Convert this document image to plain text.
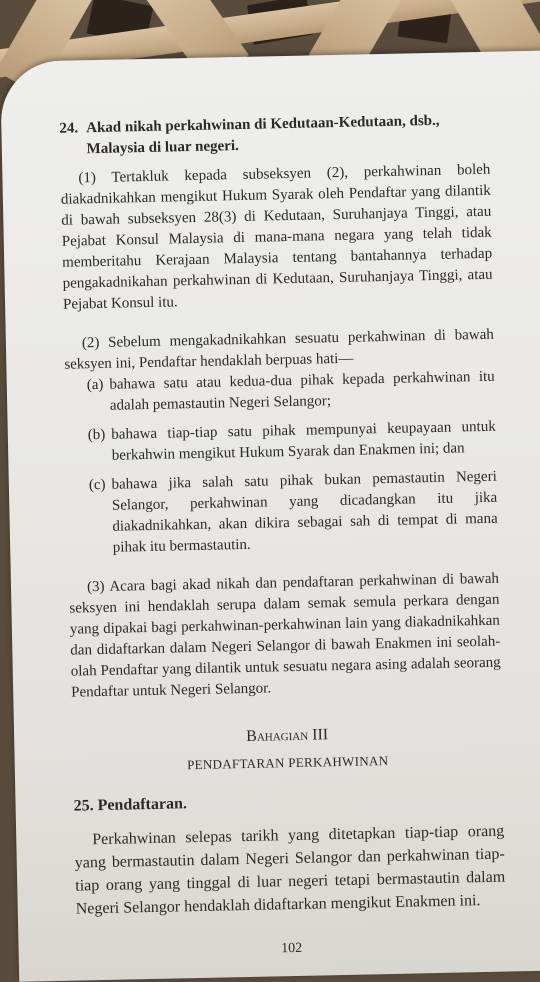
24. Akad nikah perkahwinan di Kedutaan-Kedutaan, dsb., Malaysia di luar negeri.

(1) Tertakluk kepada subseksyen (2), perkahwinan boleh diakadnikahkan mengikut Hukum Syarak oleh Pendaftar yang dilantik di bawah subseksyen 28(3) di Kedutaan, Suruhanjaya Tinggi, atau Pejabat Konsul Malaysia di mana-mana negara yang telah tidak memberitahu Kerajaan Malaysia tentang bantahannya terhadap pengakadnikahan perkahwinan di Kedutaan, Suruhanjaya Tinggi, atau Pejabat Konsul itu.

(2) Sebelum mengakadnikahkan sesuatu perkahwinan di bawah seksyen ini, Pendaftar hendaklah berpuas hati—

(a) bahawa satu atau kedua-dua pihak kepada perkahwinan itu adalah pemastautin Negeri Selangor;
(b) bahawa tiap-tiap satu pihak mempunyai keupayaan untuk berkahwin mengikut Hukum Syarak dan Enakmen ini; dan
(c) bahawa jika salah satu pihak bukan pemastautin Negeri Selangor, perkahwinan yang dicadangkan itu jika diakadnikahkan, akan dikira sebagai sah di tempat di mana pihak itu bermastautin.

(3) Acara bagi akad nikah dan pendaftaran perkahwinan di bawah seksyen ini hendaklah serupa dalam semak semula perkara dengan yang dipakai bagi perkahwinan-perkahwinan lain yang diakadnikahkan dan didaftarkan dalam Negeri Selangor di bawah Enakmen ini seolah-olah Pendaftar yang dilantik untuk sesuatu negara asing adalah seorang Pendaftar untuk Negeri Selangor.

Bahagian III
PENDAFTARAN PERKAHWINAN
25. Pendaftaran.

Perkahwinan selepas tarikh yang ditetapkan tiap-tiap orang yang bermastautin dalam Negeri Selangor dan perkahwinan tiap-tiap orang yang tinggal di luar negeri tetapi bermastautin dalam Negeri Selangor hendaklah didaftarkan mengikut Enakmen ini.

102
